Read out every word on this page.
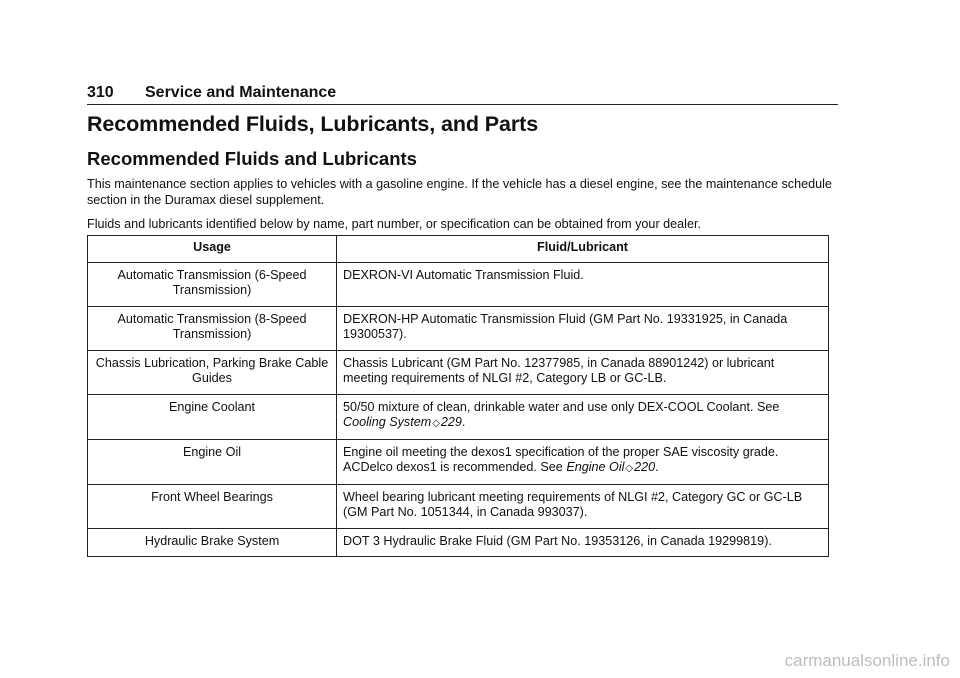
310 Service and Maintenance
Recommended Fluids, Lubricants, and Parts
Recommended Fluids and Lubricants

This maintenance section applies to vehicles with a gasoline engine. If the vehicle has a diesel engine, see the maintenance schedule section in the Duramax diesel supplement.

Fluids and lubricants identified below by name, part number, or specification can be obtained from your dealer.

Usage	Fluid/Lubricant
Automatic Transmission (6-Speed Transmission)	DEXRON-VI Automatic Transmission Fluid.
Automatic Transmission (8-Speed Transmission)	DEXRON-HP Automatic Transmission Fluid (GM Part No. 19331925, in Canada 19300537).
Chassis Lubrication, Parking Brake Cable Guides	Chassis Lubricant (GM Part No. 12377985, in Canada 88901242) or lubricant meeting requirements of NLGI #2, Category LB or GC-LB.
Engine Coolant	50/50 mixture of clean, drinkable water and use only DEX-COOL Coolant. See Cooling System◇229.
Engine Oil	Engine oil meeting the dexos1 specification of the proper SAE viscosity grade. ACDelco dexos1 is recommended. See Engine Oil◇220.
Front Wheel Bearings	Wheel bearing lubricant meeting requirements of NLGI #2, Category GC or GC-LB (GM Part No. 1051344, in Canada 993037).
Hydraulic Brake System	DOT 3 Hydraulic Brake Fluid (GM Part No. 19353126, in Canada 19299819).
carmanualsonline.info
